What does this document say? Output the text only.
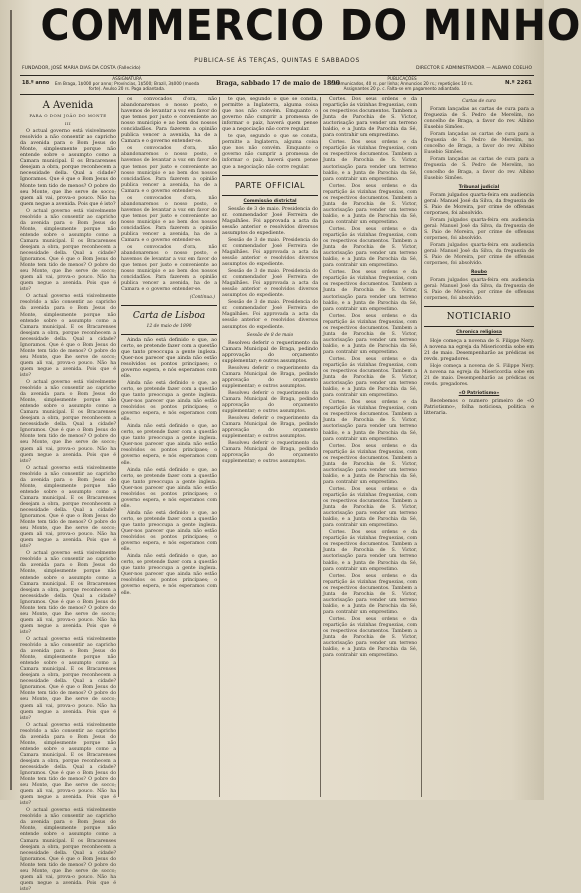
COMMERCIO DO MINHO
PUBLICA-SE ÁS TERÇAS, QUINTAS E SABBADOS
FUNDADOR, JOSÉ MARIA DIAS DA COSTA (Fallecido)	DIRECTOR E ADMINISTRADOR — ALBANO COELHO
18.º anno
ASSIGNATURA
Em Braga, 1$000 por anno; Províncias, 1$500; Brazil, 3$000 (moeda forte). Avulso 20 rs. Paga adiantada.
Braga, sabbado 17 de maio de 1890
PUBLICAÇÕES
Communicados, 40 rs. por linha; Annuncios 20 rs.; repetições 10 rs. Assignantes 20 p. c. Falta-se em pagamento adiantado.
N.º 2261
A Avenida
PARA O DOM JOÃO DO MONTE
III

O actual governo está visivelmente resolvido a não consentir ao capricho da avenida para o Bom Jesus do Monte, simplesmente porque não entende sobre o assumpto como a Camara municipal. E os Bracarenses desejam a obra, porque reconhecem a necessidade della. Qual a cidade? Ignoramos. Que é que o Bom Jesus do Monte tem tido de menos? O pobre do seu Monte, que lhe serve de socco; quem ali vai, prova-o pouco. Não ha quem negue a avenida. Pois que é isto?

O actual governo está visivelmente resolvido a não consentir ao capricho da avenida para o Bom Jesus do Monte, simplesmente porque não entende sobre o assumpto como a Camara municipal. E os Bracarenses desejam a obra, porque reconhecem a necessidade della. Qual a cidade? Ignoramos. Que é que o Bom Jesus do Monte tem tido de menos? O pobre do seu Monte, que lhe serve de socco; quem ali vai, prova-o pouco. Não ha quem negue a avenida. Pois que é isto?

O actual governo está visivelmente resolvido a não consentir ao capricho da avenida para o Bom Jesus do Monte, simplesmente porque não entende sobre o assumpto como a Camara municipal. E os Bracarenses desejam a obra, porque reconhecem a necessidade della. Qual a cidade? Ignoramos. Que é que o Bom Jesus do Monte tem tido de menos? O pobre do seu Monte, que lhe serve de socco; quem ali vai, prova-o pouco. Não ha quem negue a avenida. Pois que é isto?

O actual governo está visivelmente resolvido a não consentir ao capricho da avenida para o Bom Jesus do Monte, simplesmente porque não entende sobre o assumpto como a Camara municipal. E os Bracarenses desejam a obra, porque reconhecem a necessidade della. Qual a cidade? Ignoramos. Que é que o Bom Jesus do Monte tem tido de menos? O pobre do seu Monte, que lhe serve de socco; quem ali vai, prova-o pouco. Não ha quem negue a avenida. Pois que é isto?

O actual governo está visivelmente resolvido a não consentir ao capricho da avenida para o Bom Jesus do Monte, simplesmente porque não entende sobre o assumpto como a Camara municipal. E os Bracarenses desejam a obra, porque reconhecem a necessidade della. Qual a cidade? Ignoramos. Que é que o Bom Jesus do Monte tem tido de menos? O pobre do seu Monte, que lhe serve de socco; quem ali vai, prova-o pouco. Não ha quem negue a avenida. Pois que é isto?

O actual governo está visivelmente resolvido a não consentir ao capricho da avenida para o Bom Jesus do Monte, simplesmente porque não entende sobre o assumpto como a Camara municipal. E os Bracarenses desejam a obra, porque reconhecem a necessidade della. Qual a cidade? Ignoramos. Que é que o Bom Jesus do Monte tem tido de menos? O pobre do seu Monte, que lhe serve de socco; quem ali vai, prova-o pouco. Não ha quem negue a avenida. Pois que é isto?

O actual governo está visivelmente resolvido a não consentir ao capricho da avenida para o Bom Jesus do Monte, simplesmente porque não entende sobre o assumpto como a Camara municipal. E os Bracarenses desejam a obra, porque reconhecem a necessidade della. Qual a cidade? Ignoramos. Que é que o Bom Jesus do Monte tem tido de menos? O pobre do seu Monte, que lhe serve de socco; quem ali vai, prova-o pouco. Não ha quem negue a avenida. Pois que é isto?

O actual governo está visivelmente resolvido a não consentir ao capricho da avenida para o Bom Jesus do Monte, simplesmente porque não entende sobre o assumpto como a Camara municipal. E os Bracarenses desejam a obra, porque reconhecem a necessidade della. Qual a cidade? Ignoramos. Que é que o Bom Jesus do Monte tem tido de menos? O pobre do seu Monte, que lhe serve de socco; quem ali vai, prova-o pouco. Não ha quem negue a avenida. Pois que é isto?

O actual governo está visivelmente resolvido a não consentir ao capricho da avenida para o Bom Jesus do Monte, simplesmente porque não entende sobre o assumpto como a Camara municipal. E os Bracarenses desejam a obra, porque reconhecem a necessidade della. Qual a cidade? Ignoramos. Que é que o Bom Jesus do Monte tem tido de menos? O pobre do seu Monte, que lhe serve de socco; quem ali vai, prova-o pouco. Não ha quem negue a avenida. Pois que é isto?

os convocados d'ora, não abandonaremos o nosso posto, e havemos de levantar a voz em favor do que temos por justo e conveniente ao nosso municipio e ao bem dos nossos concidadãos. Para fazerem a opinião publica vencer a avenida, ha de a Camara e o governo entender-se.

os convocados d'ora, não abandonaremos o nosso posto, e havemos de levantar a voz em favor do que temos por justo e conveniente ao nosso municipio e ao bem dos nossos concidadãos. Para fazerem a opinião publica vencer a avenida, ha de a Camara e o governo entender-se.

os convocados d'ora, não abandonaremos o nosso posto, e havemos de levantar a voz em favor do que temos por justo e conveniente ao nosso municipio e ao bem dos nossos concidadãos. Para fazerem a opinião publica vencer a avenida, ha de a Camara e o governo entender-se.

os convocados d'ora, não abandonaremos o nosso posto, e havemos de levantar a voz em favor do que temos por justo e conveniente ao nosso municipio e ao bem dos nossos concidadãos. Para fazerem a opinião publica vencer a avenida, ha de a Camara e o governo entender-se.

(Continua.)
Carta de Lisboa
12 de maio de 1890

Ainda não está definido o que, ao certo, se pretende fazer com a questão que tanto preoccupa a gente ingleza. Quer-nos parecer que ainda não estão resolvidos os pontos principaes; o governo espera, e nós esperamos com elle.

Ainda não está definido o que, ao certo, se pretende fazer com a questão que tanto preoccupa a gente ingleza. Quer-nos parecer que ainda não estão resolvidos os pontos principaes; o governo espera, e nós esperamos com elle.

Ainda não está definido o que, ao certo, se pretende fazer com a questão que tanto preoccupa a gente ingleza. Quer-nos parecer que ainda não estão resolvidos os pontos principaes; o governo espera, e nós esperamos com elle.

Ainda não está definido o que, ao certo, se pretende fazer com a questão que tanto preoccupa a gente ingleza. Quer-nos parecer que ainda não estão resolvidos os pontos principaes; o governo espera, e nós esperamos com elle.

Ainda não está definido o que, ao certo, se pretende fazer com a questão que tanto preoccupa a gente ingleza. Quer-nos parecer que ainda não estão resolvidos os pontos principaes; o governo espera, e nós esperamos com elle.

Ainda não está definido o que, ao certo, se pretende fazer com a questão que tanto preoccupa a gente ingleza. Quer-nos parecer que ainda não estão resolvidos os pontos principaes; o governo espera, e nós esperamos com elle.

te que, segundo o que se consta, permitte a Inglaterra, alguma coisa que nos não convém. Emquanto o governo não cumprir a promessa de informar o paiz, haverá quem pense que a negociação não corre regular.

te que, segundo o que se consta, permitte a Inglaterra, alguma coisa que nos não convém. Emquanto o governo não cumprir a promessa de informar o paiz, haverá quem pense que a negociação não corre regular.

PARTE OFFICIAL
Commissão districtal

Sessão de 3 de maio. Presidencia do sr. commendador José Ferreira de Magalhães. Foi approvada a acta da sessão anterior e resolvidos diversos assumptos do expediente.

Sessão de 3 de maio. Presidencia do sr. commendador José Ferreira de Magalhães. Foi approvada a acta da sessão anterior e resolvidos diversos assumptos do expediente.

Sessão de 3 de maio. Presidencia do sr. commendador José Ferreira de Magalhães. Foi approvada a acta da sessão anterior e resolvidos diversos assumptos do expediente.

Sessão de 3 de maio. Presidencia do sr. commendador José Ferreira de Magalhães. Foi approvada a acta da sessão anterior e resolvidos diversos assumptos do expediente.

Sessão de 8 de maio

Resolveu deferir o requerimento da Camara Municipal de Braga, pedindo approvação do orçamento supplementar; e outros assumptos.

Resolveu deferir o requerimento da Camara Municipal de Braga, pedindo approvação do orçamento supplementar; e outros assumptos.

Resolveu deferir o requerimento da Camara Municipal de Braga, pedindo approvação do orçamento supplementar; e outros assumptos.

Resolveu deferir o requerimento da Camara Municipal de Braga, pedindo approvação do orçamento supplementar; e outros assumptos.

Resolveu deferir o requerimento da Camara Municipal de Braga, pedindo approvação do orçamento supplementar; e outros assumptos.

Cortes. Dos seus ordens e da repartição ás vizinhas freguezias, com os respectivos documentos. Tambem a Junta de Parochia de S. Victor, auctorisação para vender um terreno baldio, e a Junta de Parochia da Sé, para contrahir um emprestimo.

Cortes. Dos seus ordens e da repartição ás vizinhas freguezias, com os respectivos documentos. Tambem a Junta de Parochia de S. Victor, auctorisação para vender um terreno baldio, e a Junta de Parochia da Sé, para contrahir um emprestimo.

Cortes. Dos seus ordens e da repartição ás vizinhas freguezias, com os respectivos documentos. Tambem a Junta de Parochia de S. Victor, auctorisação para vender um terreno baldio, e a Junta de Parochia da Sé, para contrahir um emprestimo.

Cortes. Dos seus ordens e da repartição ás vizinhas freguezias, com os respectivos documentos. Tambem a Junta de Parochia de S. Victor, auctorisação para vender um terreno baldio, e a Junta de Parochia da Sé, para contrahir um emprestimo.

Cortes. Dos seus ordens e da repartição ás vizinhas freguezias, com os respectivos documentos. Tambem a Junta de Parochia de S. Victor, auctorisação para vender um terreno baldio, e a Junta de Parochia da Sé, para contrahir um emprestimo.

Cortes. Dos seus ordens e da repartição ás vizinhas freguezias, com os respectivos documentos. Tambem a Junta de Parochia de S. Victor, auctorisação para vender um terreno baldio, e a Junta de Parochia da Sé, para contrahir um emprestimo.

Cortes. Dos seus ordens e da repartição ás vizinhas freguezias, com os respectivos documentos. Tambem a Junta de Parochia de S. Victor, auctorisação para vender um terreno baldio, e a Junta de Parochia da Sé, para contrahir um emprestimo.

Cortes. Dos seus ordens e da repartição ás vizinhas freguezias, com os respectivos documentos. Tambem a Junta de Parochia de S. Victor, auctorisação para vender um terreno baldio, e a Junta de Parochia da Sé, para contrahir um emprestimo.

Cortes. Dos seus ordens e da repartição ás vizinhas freguezias, com os respectivos documentos. Tambem a Junta de Parochia de S. Victor, auctorisação para vender um terreno baldio, e a Junta de Parochia da Sé, para contrahir um emprestimo.

Cortes. Dos seus ordens e da repartição ás vizinhas freguezias, com os respectivos documentos. Tambem a Junta de Parochia de S. Victor, auctorisação para vender um terreno baldio, e a Junta de Parochia da Sé, para contrahir um emprestimo.

Cortes. Dos seus ordens e da repartição ás vizinhas freguezias, com os respectivos documentos. Tambem a Junta de Parochia de S. Victor, auctorisação para vender um terreno baldio, e a Junta de Parochia da Sé, para contrahir um emprestimo.

Cortes. Dos seus ordens e da repartição ás vizinhas freguezias, com os respectivos documentos. Tambem a Junta de Parochia de S. Victor, auctorisação para vender um terreno baldio, e a Junta de Parochia da Sé, para contrahir um emprestimo.

Cortes. Dos seus ordens e da repartição ás vizinhas freguezias, com os respectivos documentos. Tambem a Junta de Parochia de S. Victor, auctorisação para vender um terreno baldio, e a Junta de Parochia da Sé, para contrahir um emprestimo.

Cartas de cura

Foram lançadas as cartas de cura para a freguezia de S. Pedro de Merelim, no concelho de Braga, a favor do rev. Albino Eusebio Simões.

Foram lançadas as cartas de cura para a freguezia de S. Pedro de Merelim, no concelho de Braga, a favor do rev. Albino Eusebio Simões.

Foram lançadas as cartas de cura para a freguezia de S. Pedro de Merelim, no concelho de Braga, a favor do rev. Albino Eusebio Simões.

Tribunal judicial

Foram julgados quarta-feira em audiencia geral: Manuel José da Silva, da freguezia de S. Paio de Moreira, por crime de offensas corporaes, foi absolvido.

Foram julgados quarta-feira em audiencia geral: Manuel José da Silva, da freguezia de S. Paio de Moreira, por crime de offensas corporaes, foi absolvido.

Foram julgados quarta-feira em audiencia geral: Manuel José da Silva, da freguezia de S. Paio de Moreira, por crime de offensas corporaes, foi absolvido.

Roubo

Foram julgados quarta-feira em audiencia geral: Manuel José da Silva, da freguezia de S. Paio de Moreira, por crime de offensas corporaes, foi absolvido.

NOTICIARIO
Chronica religiosa

Hoje começa a novena de S. Filippe Nery. A novena na egreja da Misericordia sobe em 21 de maio. Desempenharão as prédicas os revds. pregadores.

Hoje começa a novena de S. Filippe Nery. A novena na egreja da Misericordia sobe em 21 de maio. Desempenharão as prédicas os revds. pregadores.

«O Patriotismo»

Recebemos o numero primeiro de «O Patriotismo», folha noticiosa, politica e litteraria.
